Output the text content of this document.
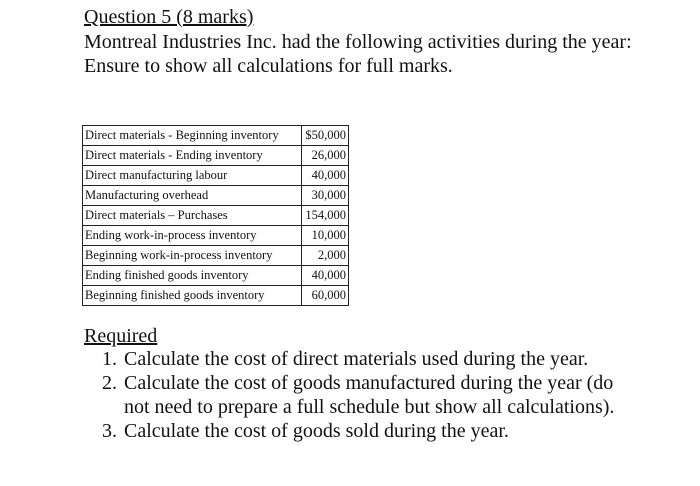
Question 5 (8 marks)

Montreal Industries Inc. had the following activities during the year:

Ensure to show all calculations for full marks.

Direct materials - Beginning inventory	$50,000
Direct materials - Ending inventory	26,000
Direct manufacturing labour	40,000
Manufacturing overhead	30,000
Direct materials – Purchases	154,000
Ending work-in-process inventory	10,000
Beginning work-in-process inventory	2,000
Ending finished goods inventory	40,000
Beginning finished goods inventory	60,000
Required
1. Calculate the cost of direct materials used during the year.
2. Calculate the cost of goods manufactured during the year (do not need to prepare a full schedule but show all calculations).
3. Calculate the cost of goods sold during the year.
